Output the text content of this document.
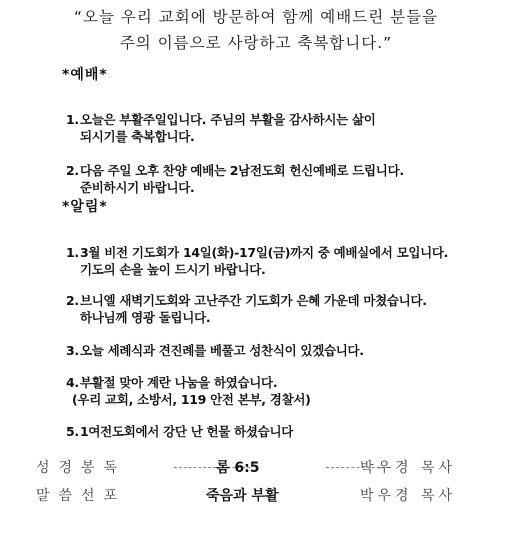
“오늘 우리 교회에 방문하여 함께 예배드린 분들을
주의 이름으로 사랑하고 축복합니다.”
*예배*

1.오늘은 부활주일입니다. 주님의 부활을 감사하시는 삶이

되시기를 축복합니다.

2.다음 주일 오후 찬양 예배는 2남전도회 헌신예배로 드립니다.

준비하시기 바랍니다.

*알림*

1.3월 비전 기도회가 14일(화)-17일(금)까지 중 예배실에서 모입니다.

기도의 손을 높이 드시기 바랍니다.

2.브니엘 새벽기도회와 고난주간 기도회가 은혜 가운데 마쳤습니다.

하나님께 영광 돌립니다.

3.오늘 세례식과 견진례를 베풀고 성찬식이 있겠습니다.

4.부활절 맞아 계란 나눔을 하였습니다.

(우리 교회, 소방서, 119 안전 본부, 경찰서)

5.1여전도회에서 강단 난 헌물 하셨습니다

성경봉독	롬 6:5	박우경 목사
말씀선포	죽음과 부활	박우경 목사
